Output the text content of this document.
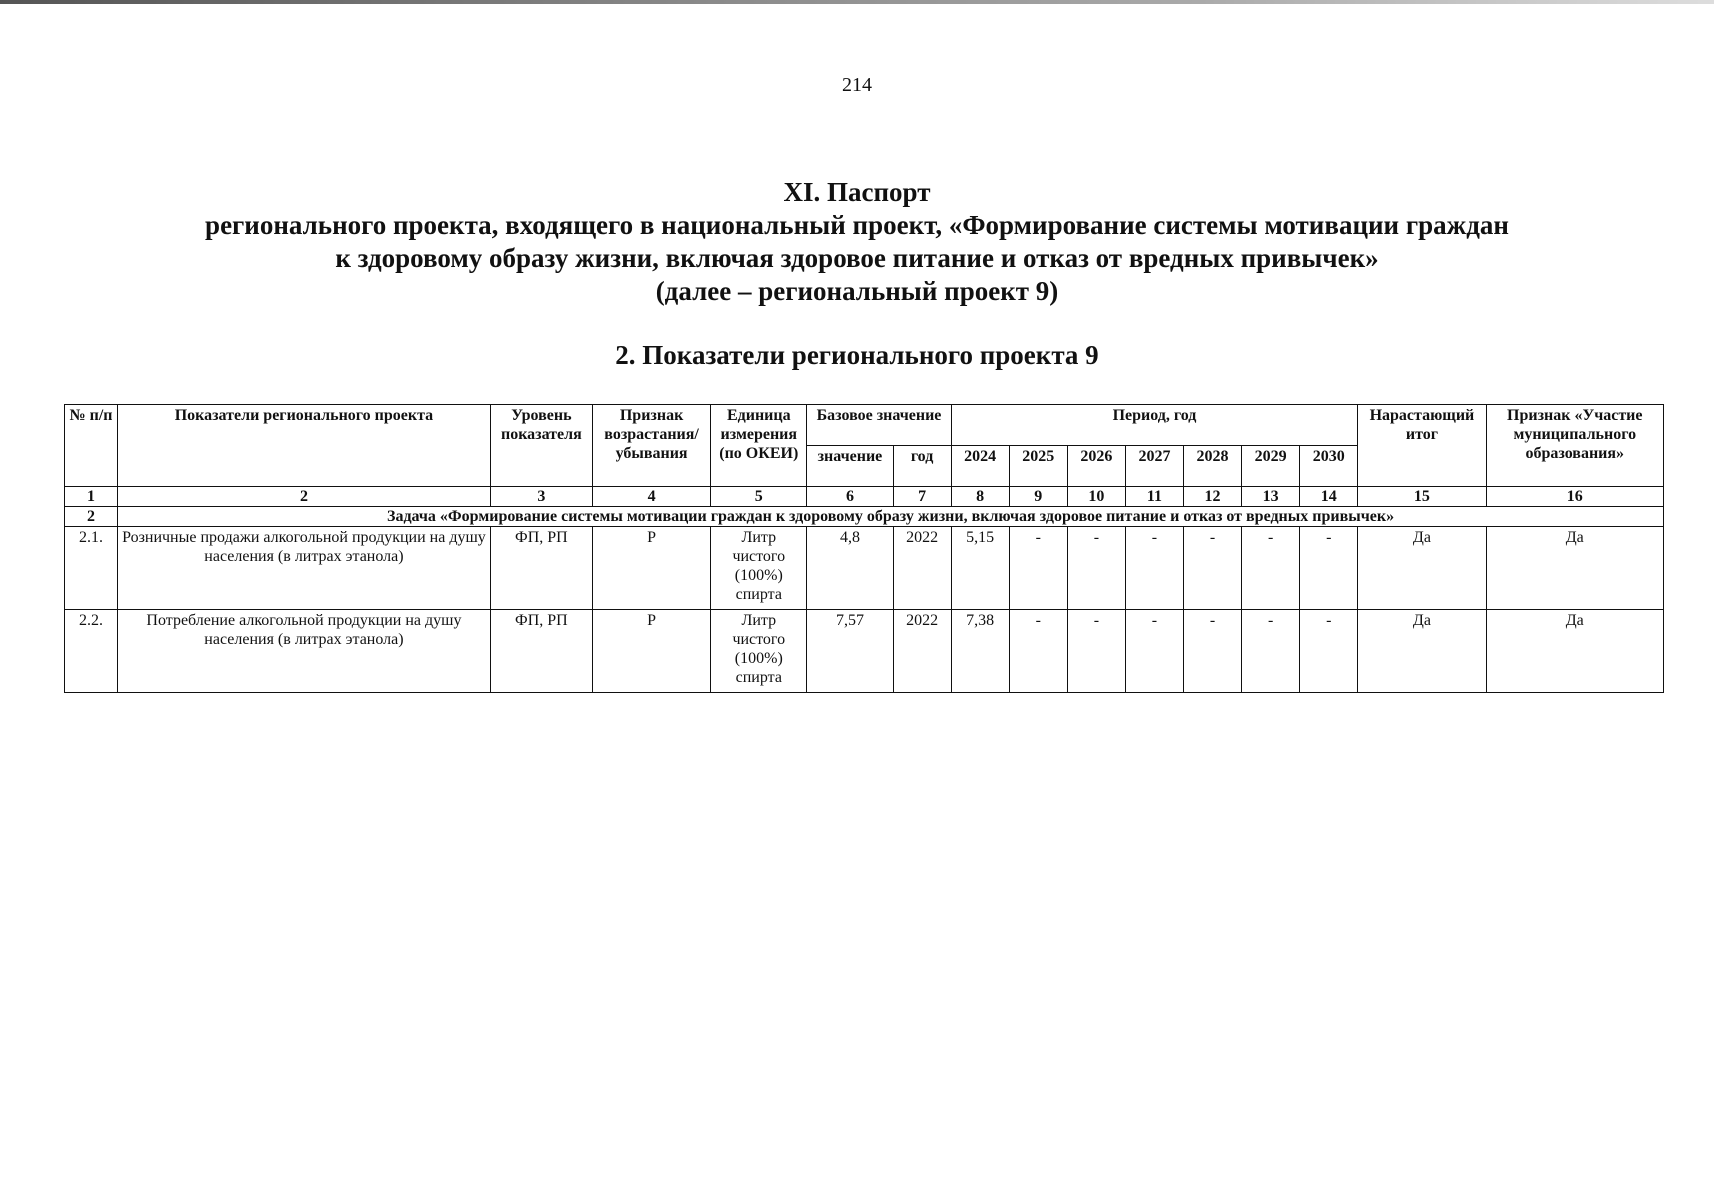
214
XI. Паспорт
регионального проекта, входящего в национальный проект, «Формирование системы мотивации граждан
к здоровому образу жизни, включая здоровое питание и отказ от вредных привычек»
(далее – региональный проект 9)
2. Показатели регионального проекта 9
№ п/п	Показатели регионального проекта	Уровень показателя	Признак возрастания/ убывания	Единица измерения (по ОКЕИ)	Базовое значение		Период, год							Нарастающий итог	Признак «Участие муниципального образования»
					значение	год	2024	2025	2026	2027	2028	2029	2030		
1	2	3	4	5	6	7	8	9	10	11	12	13	14	15	16
2	Задача «Формирование системы мотивации граждан к здоровому образу жизни, включая здоровое питание и отказ от вредных привычек»														
2.1.	Розничные продажи алкогольной продукции на душу населения (в литрах этанола)	ФП, РП	Р	Литр чистого (100%) спирта	4,8	2022	5,15	-	-	-	-	-	-	Да	Да
2.2.	Потребление алкогольной продукции на душу населения (в литрах этанола)	ФП, РП	Р	Литр чистого (100%) спирта	7,57	2022	7,38	-	-	-	-	-	-	Да	Да
